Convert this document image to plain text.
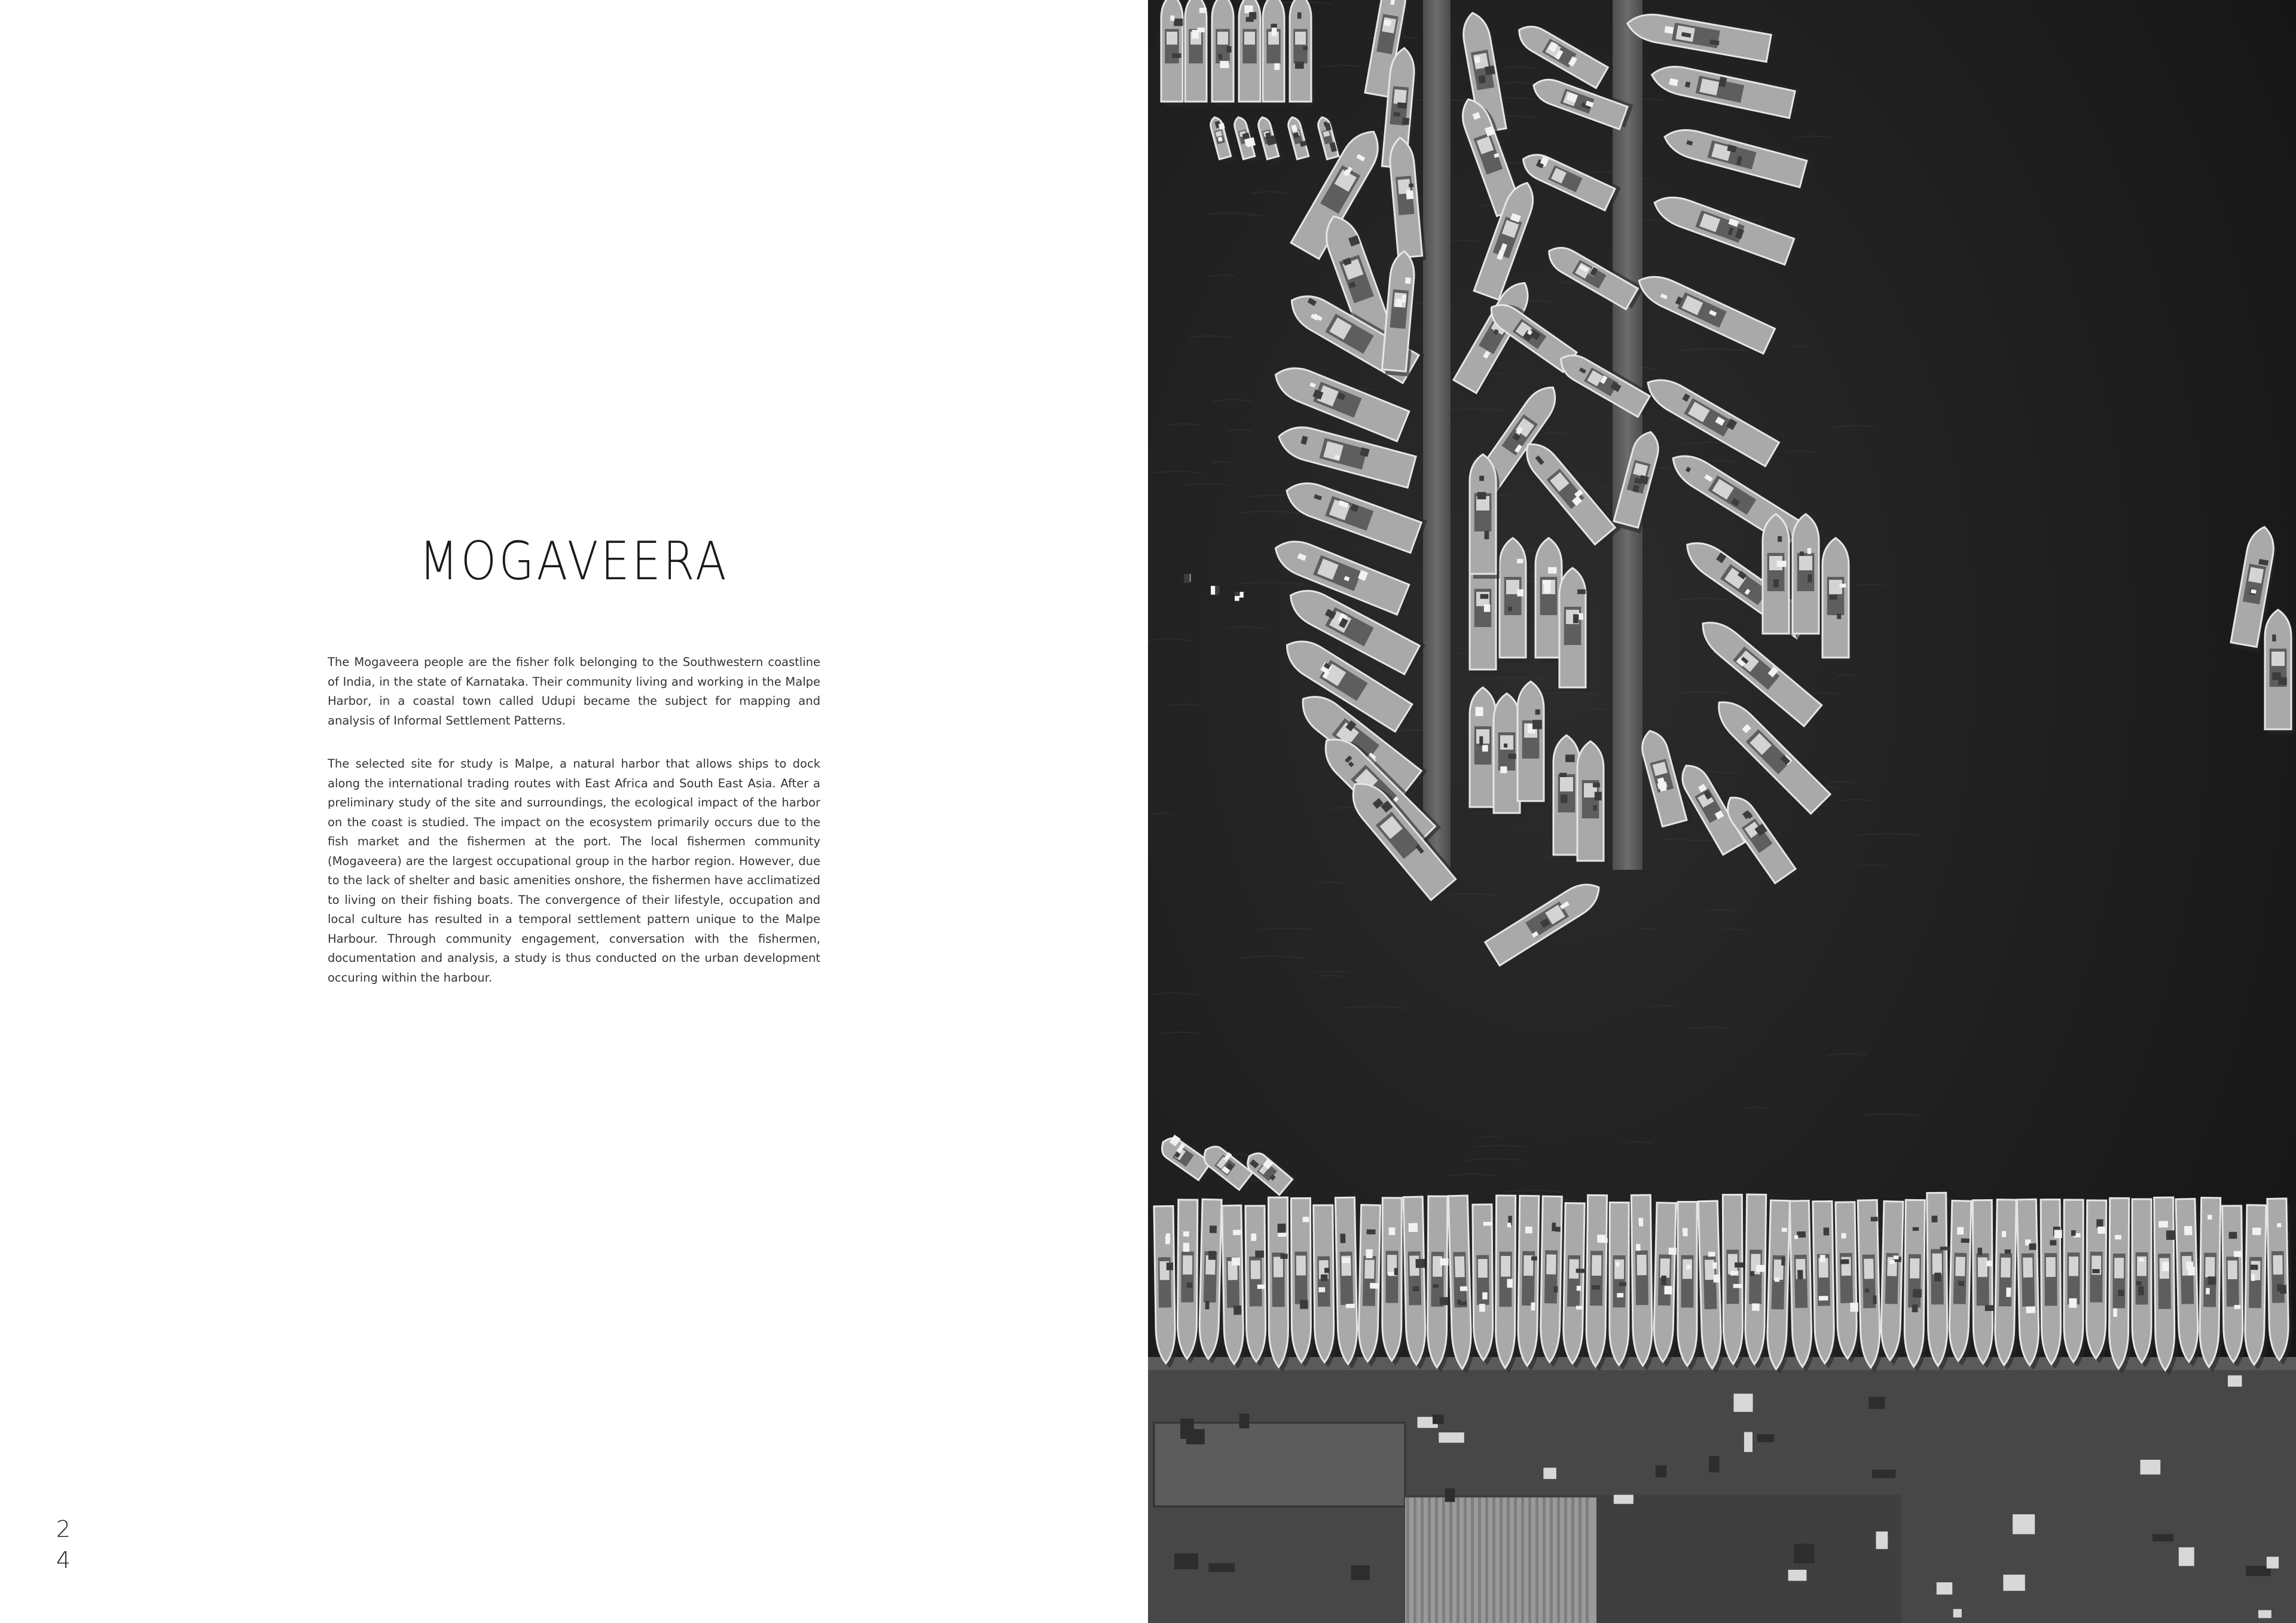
MOGAVEERA

The Mogaveera people are the fisher folk belonging to the Southwestern coastline of India, in the state of Karnataka. Their community living and working in the Malpe Harbor, in a coastal town called Udupi became the subject for mapping and analysis of Informal Settlement Patterns.

The selected site for study is Malpe, a natural harbor that allows ships to dock along the international trading routes with East Africa and South East Asia. After a preliminary study of the site and surroundings, the ecological impact of the harbor on the coast is studied. The impact on the ecosystem primarily occurs due to the fish market and the fishermen at the port. The local fishermen community (Mogaveera) are the largest occupational group in the harbor region. However, due to the lack of shelter and basic amenities onshore, the fishermen have acclimatized to living on their fishing boats. The convergence of their lifestyle, occupation and local culture has resulted in a temporal settlement pattern unique to the Malpe Harbour. Through community engagement, conversation with the fishermen, documentation and analysis, a study is thus conducted on the urban development occuring within the harbour.

2
4
